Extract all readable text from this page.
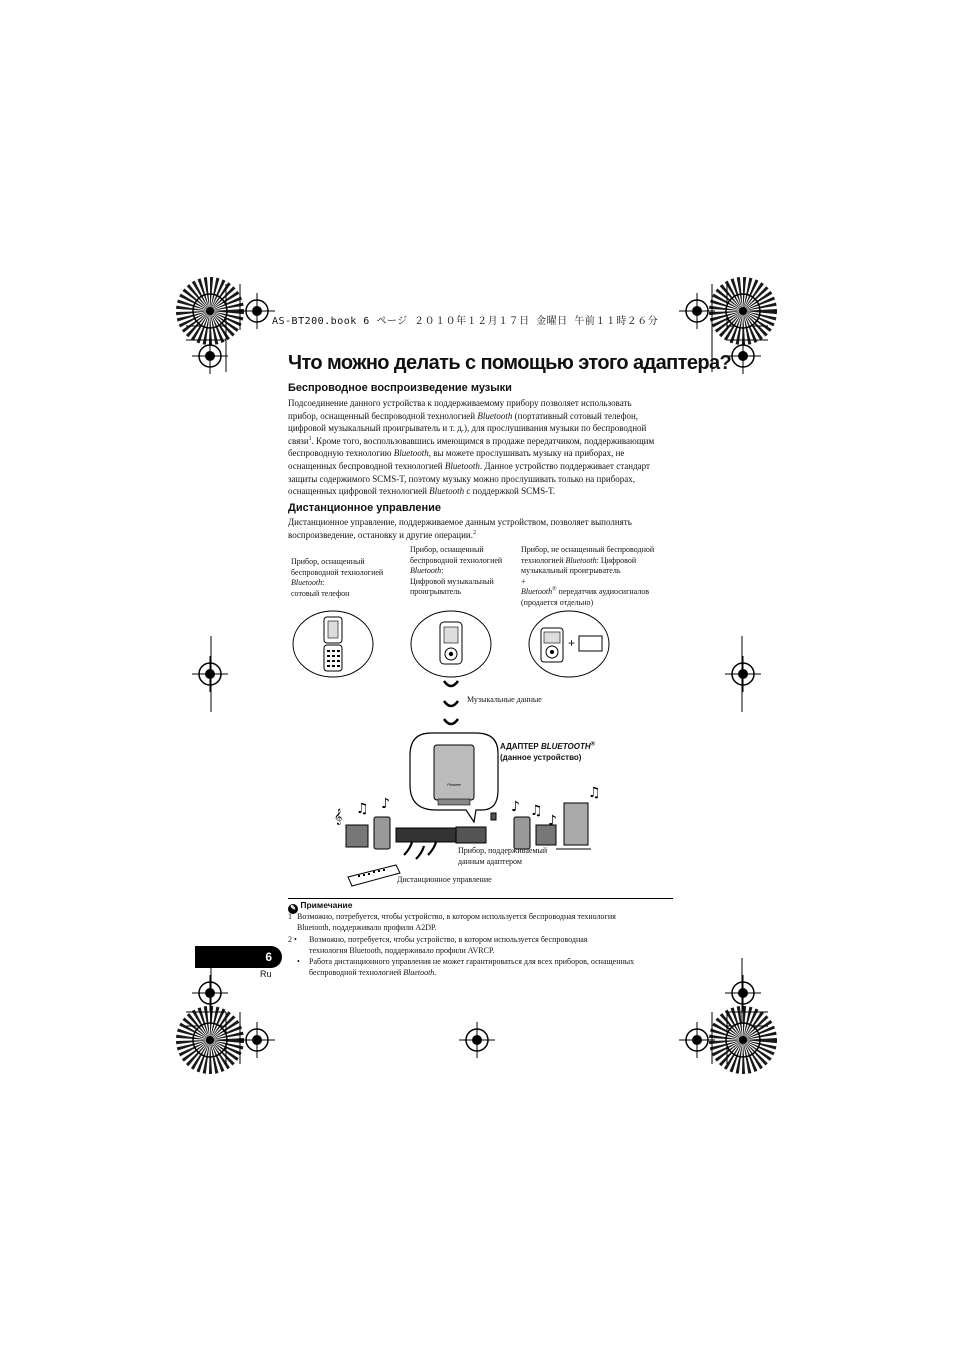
AS-BT200.book 6 ページ ２０１０年１２月１７日 金曜日 午前１１時２６分
Что можно делать с помощью этого адаптера?
Беспроводное воспроизведение музыки
Подсоединение данного устройства к поддерживаемому прибору позволяет использовать
прибор, оснащенный беспроводной технологией Bluetooth (портативный сотовый телефон,
цифровой музыкальный проигрыватель и т. д.), для прослушивания музыки по беспроводной
связи$^1$. Кроме того, воспользовавшись имеющимся в продаже передатчиком, поддерживающим
беспроводную технологию Bluetooth, вы можете прослушивать музыку на приборах, не
оснащенных беспроводной технологией Bluetooth. Данное устройство поддерживает стандарт
защиты содержимого SCMS-T, поэтому музыку можно прослушивать только на приборах,
оснащенных цифровой технологией Bluetooth с поддержкой SCMS-T.
Дистанционное управление
Дистанционное управление, поддерживаемое данным устройством, позволяет выполнять
воспроизведение, остановку и другие операции.$^2$
Прибор, оснащенный
беспроводной технологией
Bluetooth:
сотовый телефон
Прибор, оснащенный
беспроводной технологией
Bluetooth:
Цифровой музыкальный
проигрыватель
Прибор, не оснащенный беспроводной
технологией Bluetooth: Цифровой
музыкальный проигрыватель
+
Bluetooth® передатчик аудиосигналов
(продается отдельно)
Pioneer
𝄞 ♫ ♪	♪ ♫
♪
♫
+
Музыкальные данные
АДАПТЕР BLUETOOTH®
(данное устройство)
Прибор, поддерживаемый
данным адаптером
Дистанционное управление
✎ Примечание
1 Возможно, потребуется, чтобы устройство, в котором используется беспроводная технология
Bluetooth, поддерживало профили A2DP.
2 • Возможно, потребуется, чтобы устройство, в котором используется беспроводная
технология Bluetooth, поддерживало профили AVRCP.
• Работа дистанционного управления не может гарантироваться для всех приборов, оснащенных
беспроводной технологией Bluetooth.
6
Ru
